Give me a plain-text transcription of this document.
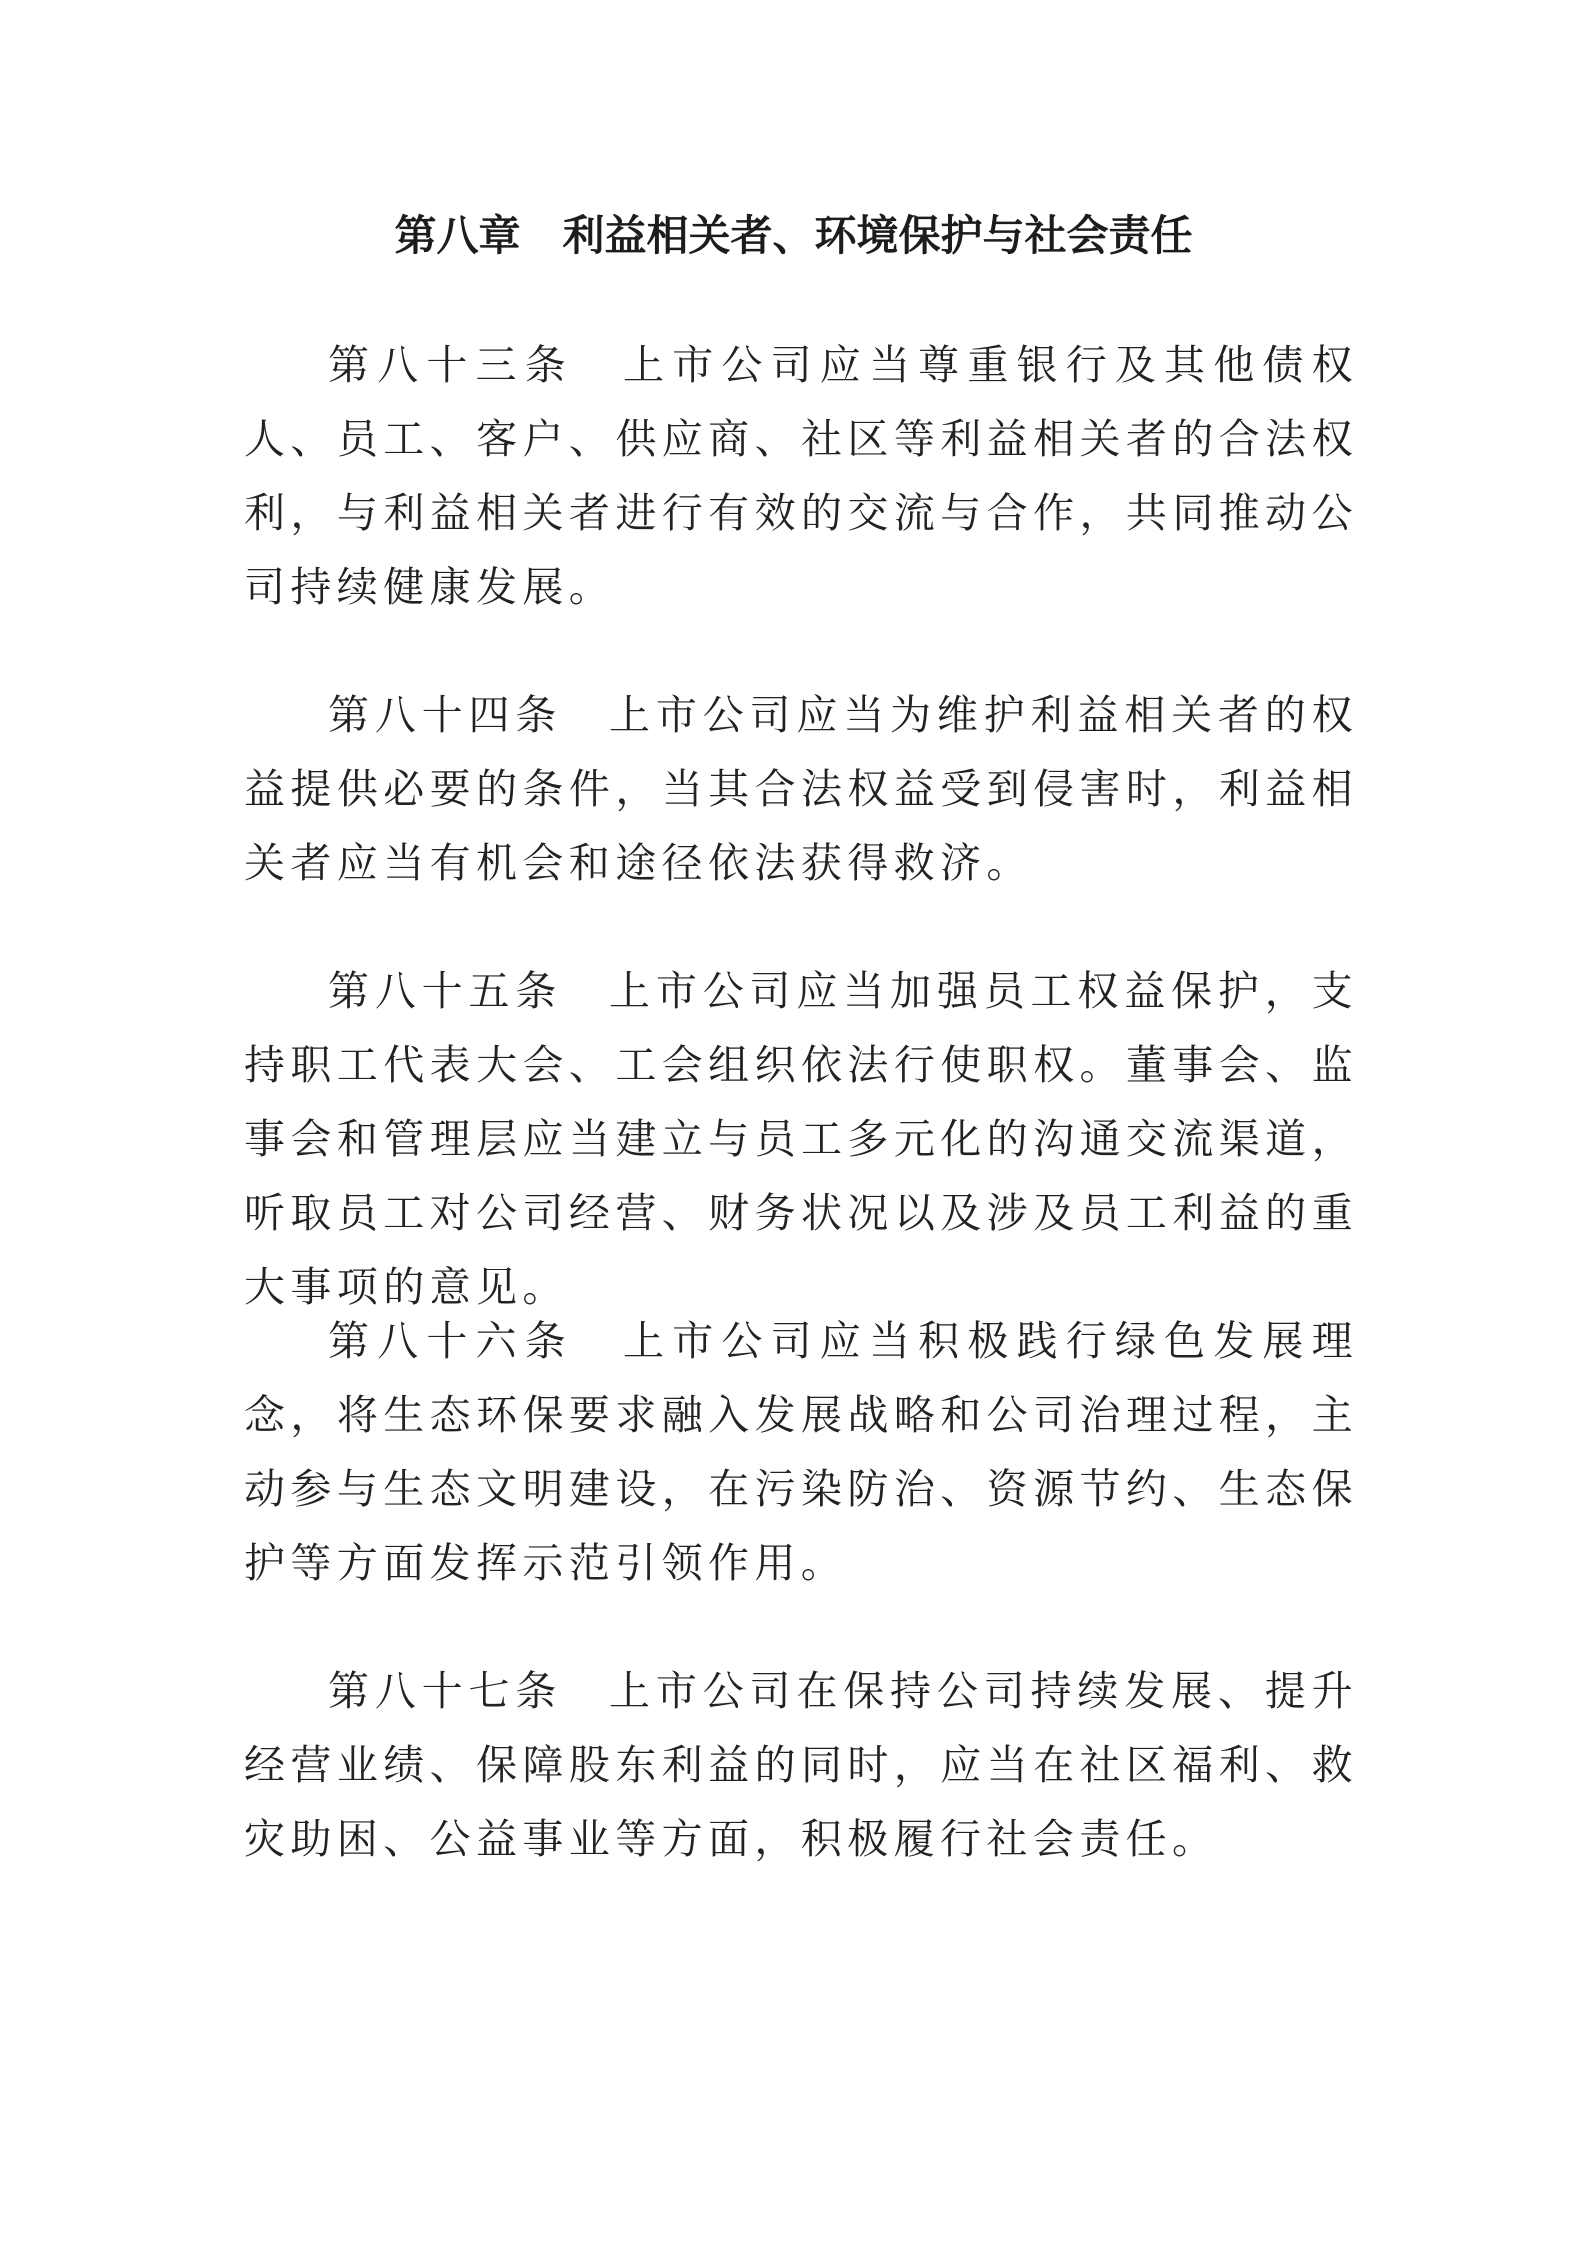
第八章　利益相关者、环境保护与社会责任

第八十三条　上市公司应当尊重银行及其他债权人、员工、客户、供应商、社区等利益相关者的合法权利，与利益相关者进行有效的交流与合作，共同推动公司持续健康发展。

第八十四条　上市公司应当为维护利益相关者的权益提供必要的条件，当其合法权益受到侵害时，利益相关者应当有机会和途径依法获得救济。

第八十五条　上市公司应当加强员工权益保护，支持职工代表大会、工会组织依法行使职权。董事会、监事会和管理层应当建立与员工多元化的沟通交流渠道，听取员工对公司经营、财务状况以及涉及员工利益的重大事项的意见。

第八十六条　上市公司应当积极践行绿色发展理念，将生态环保要求融入发展战略和公司治理过程，主动参与生态文明建设，在污染防治、资源节约、生态保护等方面发挥示范引领作用。

第八十七条　上市公司在保持公司持续发展、提升经营业绩、保障股东利益的同时，应当在社区福利、救灾助困、公益事业等方面，积极履行社会责任。
